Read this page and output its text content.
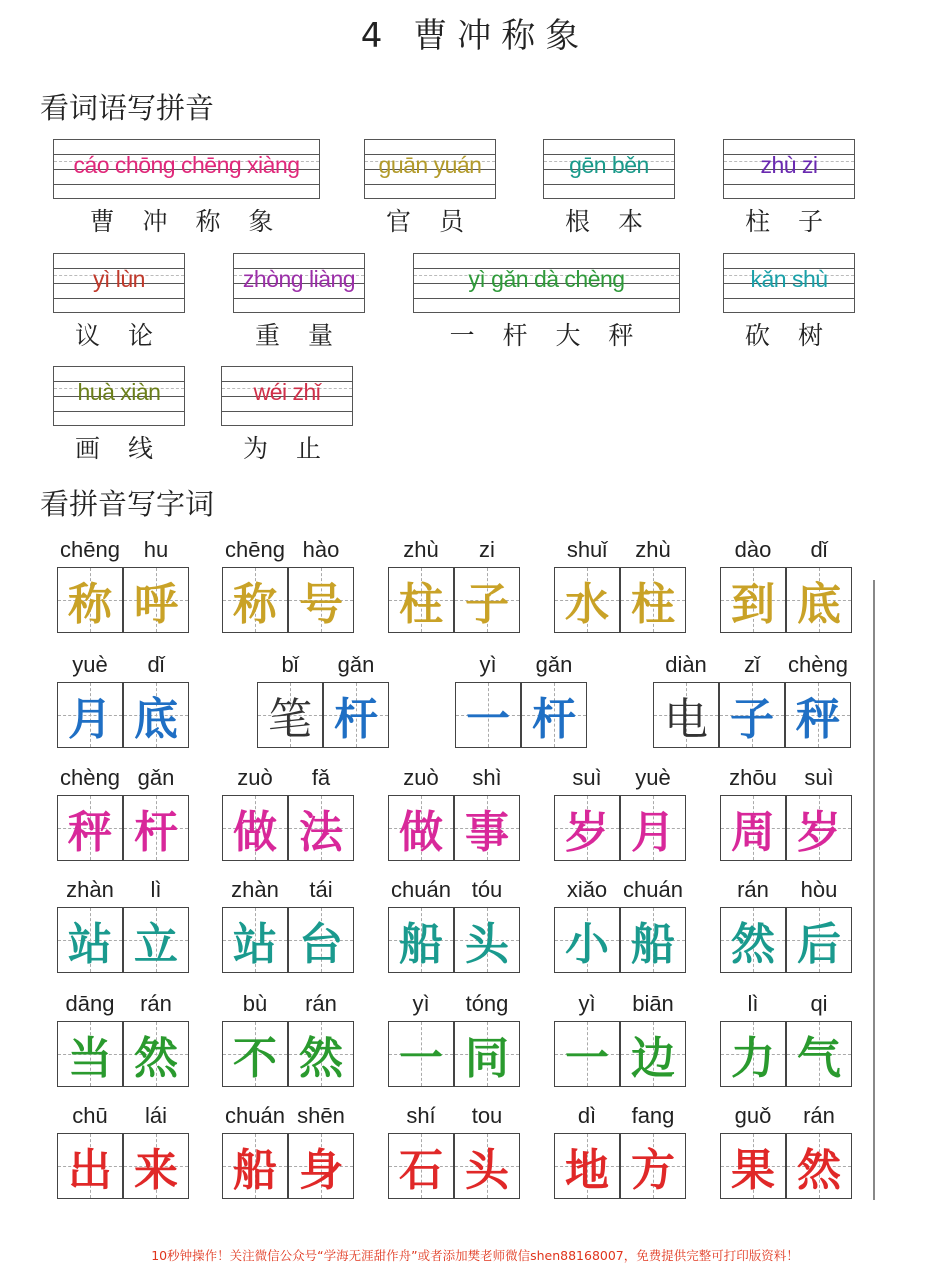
4 曹冲称象
看词语写拼音
cáo chōng chēng xiàng
曹 冲 称 象
guān yuán
官 员
gēn běn
根 本
zhù zi
柱 子
yì lùn
议 论
zhòng liàng
重 量
yì gǎn dà chèng
一 杆 大 秤
kǎn shù
砍 树
huà xiàn
画 线
wéi zhǐ
为 止
看拼音写字词
称
chēng
呼
hu
称
chēng
号
hào
柱
zhù
子
zi
水
shuǐ
柱
zhù
到
dào
底
dǐ
月
yuè
底
dǐ
笔
bǐ
杆
gǎn
一
yì
杆
gǎn
电
diàn
子
zǐ
秤
chèng
秤
chèng
杆
gǎn
做
zuò
法
fǎ
做
zuò
事
shì
岁
suì
月
yuè
周
zhōu
岁
suì
站
zhàn
立
lì
站
zhàn
台
tái
船
chuán
头
tóu
小
xiǎo
船
chuán
然
rán
后
hòu
当
dāng
然
rán
不
bù
然
rán
一
yì
同
tóng
一
yì
边
biān
力
lì
气
qi
出
chū
来
lái
船
chuán
身
shēn
石
shí
头
tou
地
dì
方
fang
果
guǒ
然
rán
10秒钟操作！关注微信公众号“学海无涯甜作舟”或者添加樊老师微信shen88168007，免费提供完整可打印版资料！
